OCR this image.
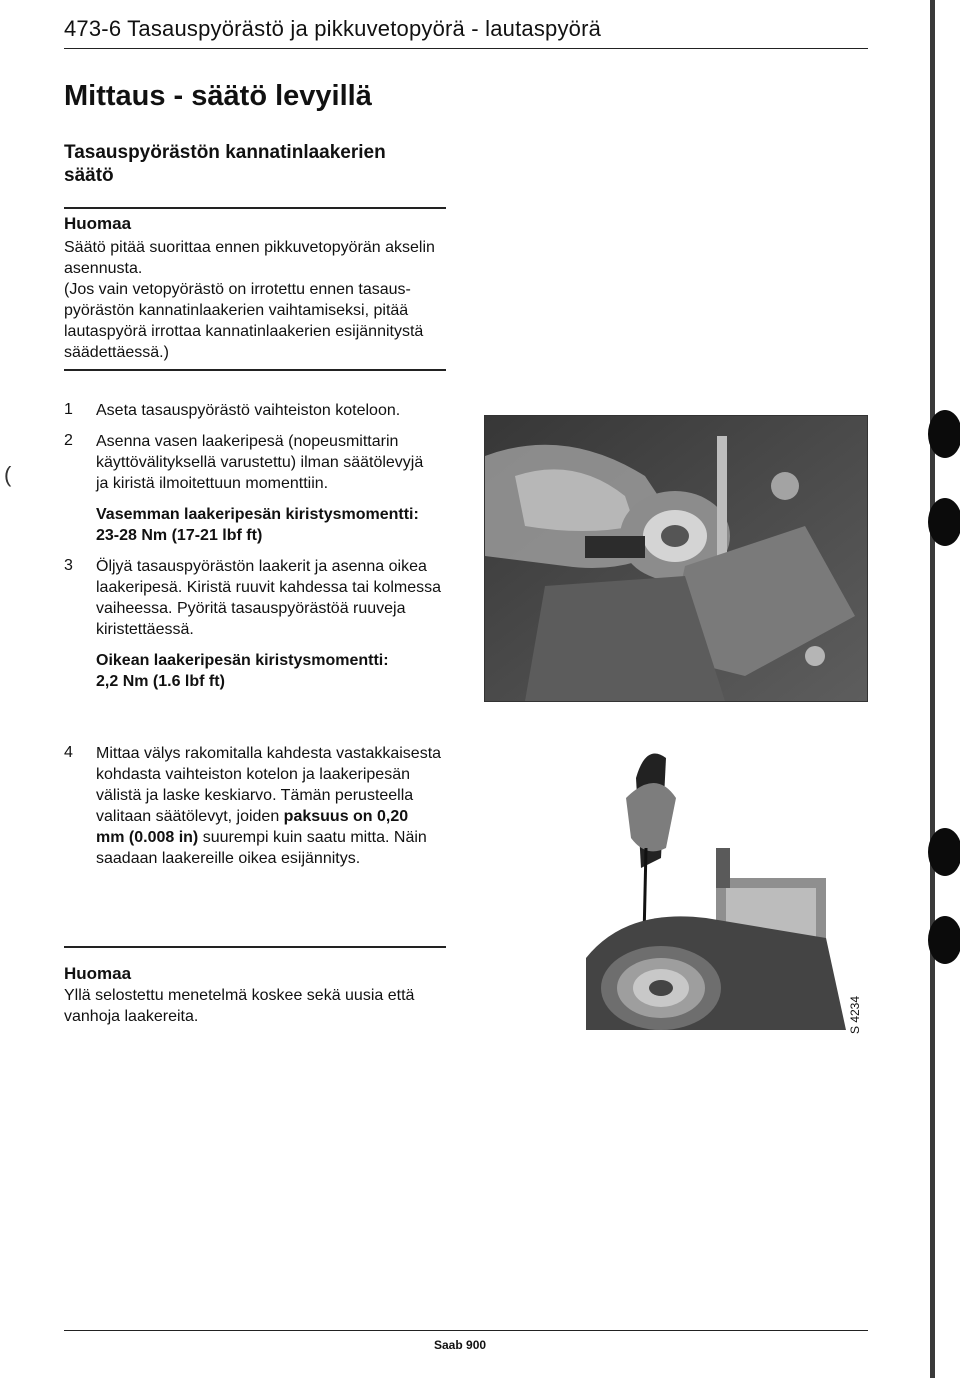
473-6 Tasauspyörästö ja pikkuvetopyörä - lautaspyörä
Mittaus - säätö levyillä
Tasauspyörästön kannatinlaakerien
säätö
Huomaa
Säätö pitää suorittaa ennen pikkuvetopyörän akselin
asennusta.
(Jos vain vetopyörästö on irrotettu ennen tasaus-
pyörästön kannatinlaakerien vaihtamiseksi, pitää
lautaspyörä irrottaa kannatinlaakerien esijännitystä
säädettäessä.)
1 Aseta tasauspyörästö vaihteiston koteloon.
2 Asenna vasen laakeripesä (nopeusmittarin
käyttövälityksellä varustettu) ilman säätölevyjä
ja kiristä ilmoitettuun momenttiin.
Vasemman laakeripesän kiristysmomentti:
23-28 Nm (17-21 lbf ft)
3 Öljyä tasauspyörästön laakerit ja asenna oikea
laakeripesä. Kiristä ruuvit kahdessa tai kolmessa
vaiheessa. Pyöritä tasauspyörästöä ruuveja
kiristettäessä.
Oikean laakeripesän kiristysmomentti:
2,2 Nm (1.6 lbf ft)
4 Mittaa välys rakomitalla kahdesta vastakkaisesta
kohdasta vaihteiston kotelon ja laakeripesän
välistä ja laske keskiarvo. Tämän perusteella
valitaan säätölevyt, joiden paksuus on 0,20
mm (0.008 in) suurempi kuin saatu mitta. Näin
saadaan laakereille oikea esijännitys.
Huomaa
Yllä selostettu menetelmä koskee sekä uusia että
vanhoja laakereita.	S 4234
(
Saab 900
